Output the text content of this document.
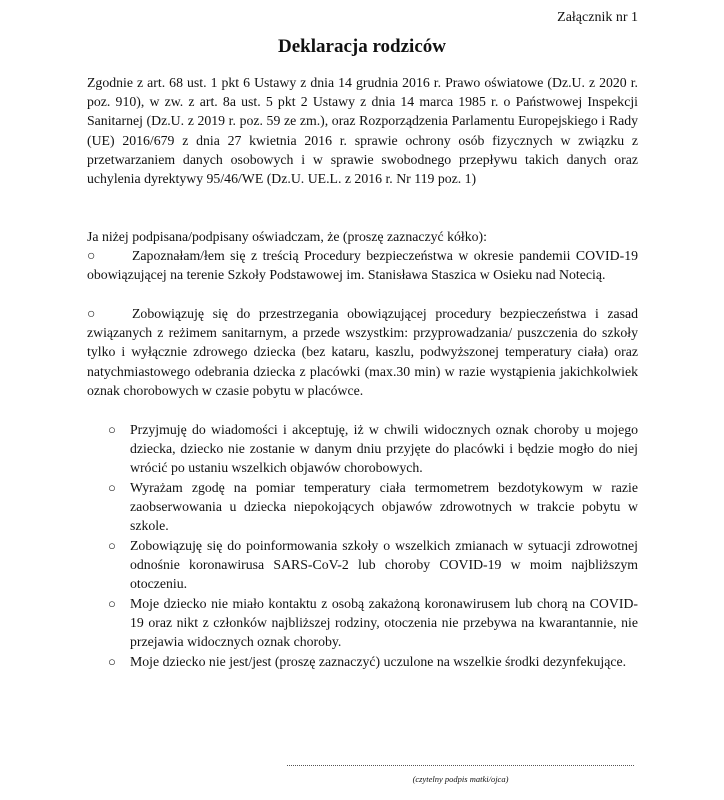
Załącznik nr 1
Deklaracja rodziców
Zgodnie z art. 68 ust. 1 pkt 6 Ustawy z dnia 14 grudnia 2016 r. Prawo oświatowe (Dz.U. z 2020 r. poz. 910), w zw. z art. 8a ust. 5 pkt 2 Ustawy z dnia 14 marca 1985 r. o Państwowej Inspekcji Sanitarnej (Dz.U. z 2019 r. poz. 59 ze zm.), oraz Rozporządzenia Parlamentu Europejskiego i Rady (UE) 2016/679 z dnia 27 kwietnia 2016 r. sprawie ochrony osób fizycznych w związku z przetwarzaniem danych osobowych i w sprawie swobodnego przepływu takich danych oraz uchylenia dyrektywy 95/46/WE (Dz.U. UE.L. z 2016 r. Nr 119 poz. 1)
Ja niżej podpisana/podpisany oświadczam, że (proszę zaznaczyć kółko):
○	Zapoznałam/łem się z treścią Procedury bezpieczeństwa w okresie pandemii COVID-19 obowiązującej na terenie Szkoły Podstawowej im. Stanisława Staszica w Osieku nad Notecią.
○	Zobowiązuję się do przestrzegania obowiązującej procedury bezpieczeństwa i zasad związanych z reżimem sanitarnym, a przede wszystkim: przyprowadzania/ puszczenia do szkoły tylko i wyłącznie zdrowego dziecka (bez kataru, kaszlu, podwyższonej temperatury ciała) oraz natychmiastowego odebrania dziecka z placówki (max.30 min) w razie wystąpienia jakichkolwiek oznak chorobowych w czasie pobytu w placówce.
○ Przyjmuję do wiadomości i akceptuję, iż w chwili widocznych oznak choroby u mojego dziecka, dziecko nie zostanie w danym dniu przyjęte do placówki i będzie mogło do niej wrócić po ustaniu wszelkich objawów chorobowych.
○ Wyrażam zgodę na pomiar temperatury ciała termometrem bezdotykowym w razie zaobserwowania u dziecka niepokojących objawów zdrowotnych w trakcie pobytu w szkole.
○ Zobowiązuję się do poinformowania szkoły o wszelkich zmianach w sytuacji zdrowotnej odnośnie koronawirusa SARS-CoV-2 lub choroby COVID-19 w moim najbliższym otoczeniu.
○ Moje dziecko nie miało kontaktu z osobą zakażoną koronawirusem lub chorą na COVID-19 oraz nikt z członków najbliższej rodziny, otoczenia nie przebywa na kwarantannie, nie przejawia widocznych oznak choroby.
○ Moje dziecko nie jest/jest (proszę zaznaczyć) uczulone na wszelkie środki dezynfekujące.
(czytelny podpis matki/ojca)
